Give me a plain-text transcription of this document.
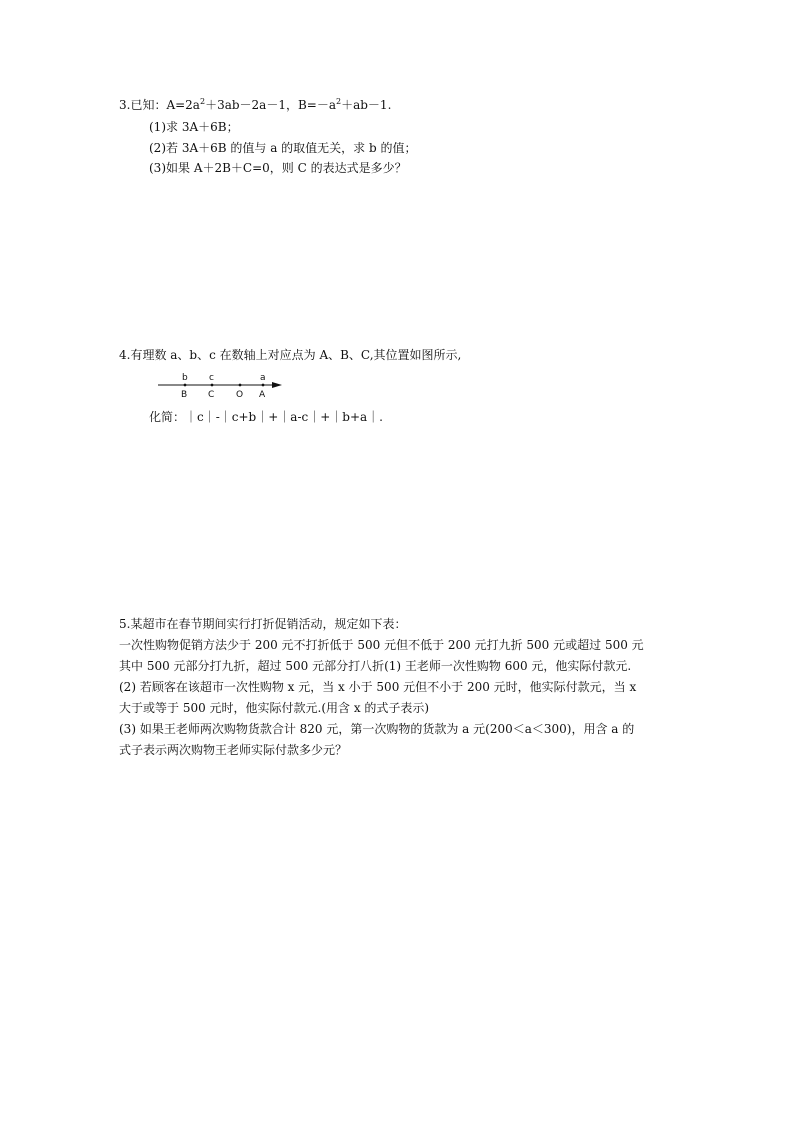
3.已知：$A=2a^2+3ab-2a-1$，$B=-a^2+ab-1$.
(1)求 3A＋6B；
(2)若 3A＋6B 的值与 a 的取值无关，求 b 的值；
(3)如果 A＋2B＋C=0，则 C 的表达式是多少？
4.有理数 a、b、c 在数轴上对应点为 A、B、C,其位置如图所示,
b c	a
B C O A
化简：｜c｜-｜c+b｜+｜a-c｜+｜b+a｜.
5.某超市在春节期间实行打折促销活动，规定如下表：
一次性购物促销方法少于 200 元不打折低于 500 元但不低于 200 元打九折 500 元或超过 500 元
其中 500 元部分打九折，超过 500 元部分打八折(1) 王老师一次性购物 600 元，他实际付款元.
(2) 若顾客在该超市一次性购物 x 元，当 x 小于 500 元但不小于 200 元时，他实际付款元，当 x
大于或等于 500 元时，他实际付款元.(用含 x 的式子表示)
(3) 如果王老师两次购物货款合计 820 元，第一次购物的货款为 a 元(200＜a＜300)，用含 a 的
式子表示两次购物王老师实际付款多少元？
